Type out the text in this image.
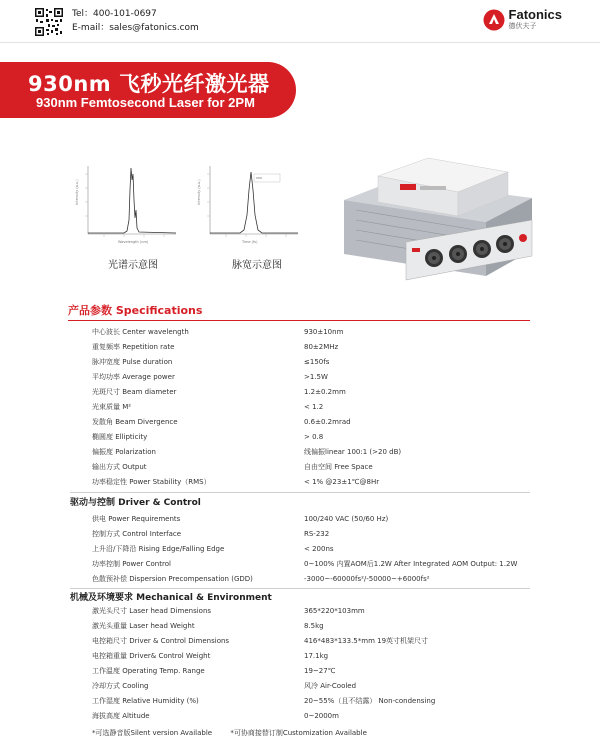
Tel：400-101-0697
E-mail：sales@fatonics.com
Fatonics
德伏夫子
930nm 飞秒光纤激光器
930nm Femtosecond Laser for 2PM
Intensity (a.u.)
Wavelength (nm)
Intensity (a.u.)
Time (fs)
光谱示意图	脉宽示意图
产品参数 Specifications
中心波长 Center wavelength	930±10nm
重复频率 Repetition rate	80±2MHz
脉冲宽度 Pulse duration	≤150fs
平均功率 Average power	>1.5W
光斑尺寸 Beam diameter	1.2±0.2mm
光束质量 M²	< 1.2
发散角 Beam Divergence	0.6±0.2mrad
椭圆度 Ellipticity	> 0.8
偏振度 Polarization	线偏振linear 100:1 (>20 dB)
输出方式 Output	自由空间 Free Space
功率稳定性 Power Stability（RMS）	< 1% @23±1℃@8Hr
驱动与控制 Driver & Control
供电 Power Requirements	100/240 VAC (50/60 Hz)
控制方式 Control Interface	RS-232
上升沿/下降沿 Rising Edge/Falling Edge	< 200ns
功率控制 Power Control	0~100% 内置AOM后1.2W After Integrated AOM Output: 1.2W
色散预补偿 Dispersion Precompensation (GDD)	-3000~-60000fs²/-50000~+6000fs²
机械及环境要求 Mechanical & Environment
激光头尺寸 Laser head Dimensions	365*220*103mm
激光头重量 Laser head Weight	8.5kg
电控箱尺寸 Driver & Control Dimensions	416*483*133.5*mm 19英寸机架尺寸
电控箱重量 Driver& Control Weight	17.1kg
工作温度 Operating Temp. Range	19~27℃
冷却方式 Cooling	风冷 Air-Cooled
工作湿度 Relative Humidity (%)	20~55%（且不结露） Non-condensing
海拔高度 Altitude	0~2000m
*可选静音版Silent version Available	*可协商接替订制Customization Available
